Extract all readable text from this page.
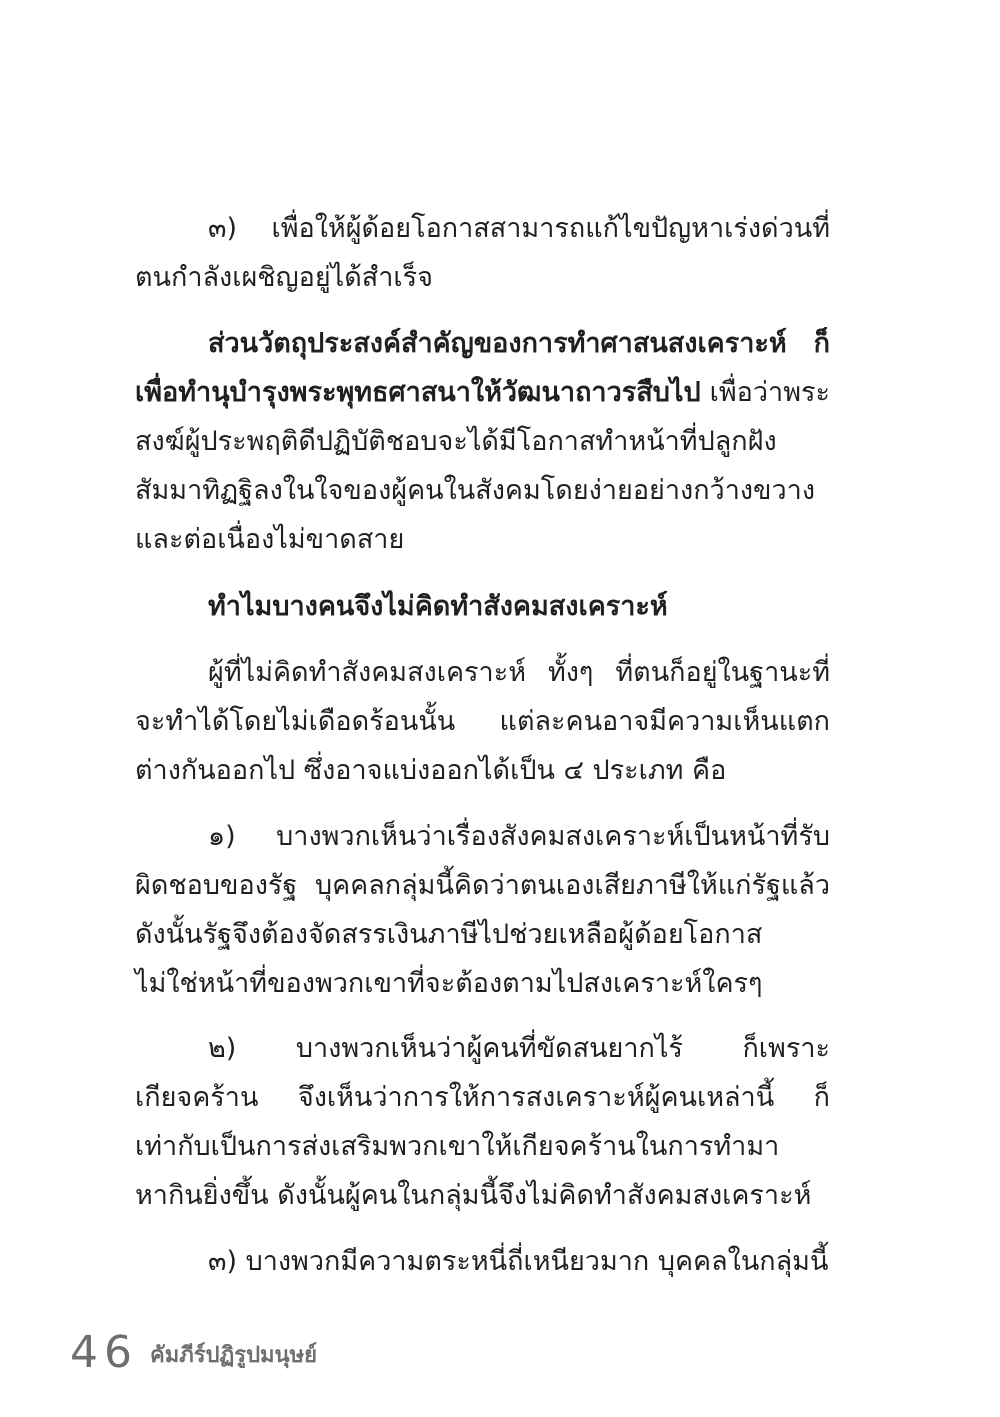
๓) เพื่อให้ผู้ด้อยโอกาสสามารถแก้ไขปัญหาเร่งด่วนที่ตนกำลังเผชิญอยู่ได้สำเร็จ
ส่วนวัตถุประสงค์สำคัญของการทำศาสนสงเคราะห์ ก็เพื่อทำนุบำรุงพระพุทธศาสนาให้วัฒนาถาวรสืบไป เพื่อว่าพระสงฆ์ผู้ประพฤติดีปฏิบัติชอบจะได้มีโอกาสทำหน้าที่ปลูกฝังสัมมาทิฏฐิลงในใจของผู้คนในสังคมโดยง่ายอย่างกว้างขวาง และต่อเนื่องไม่ขาดสาย
ทำไมบางคนจึงไม่คิดทำสังคมสงเคราะห์
ผู้ที่ไม่คิดทำสังคมสงเคราะห์ ทั้งๆ ที่ตนก็อยู่ในฐานะที่จะทำได้โดยไม่เดือดร้อนนั้น แต่ละคนอาจมีความเห็นแตกต่างกันออกไป ซึ่งอาจแบ่งออกได้เป็น ๔ ประเภท คือ
๑) บางพวกเห็นว่าเรื่องสังคมสงเคราะห์เป็นหน้าที่รับผิดชอบของรัฐ บุคคลกลุ่มนี้คิดว่าตนเองเสียภาษีให้แก่รัฐแล้ว ดังนั้นรัฐจึงต้องจัดสรรเงินภาษีไปช่วยเหลือผู้ด้อยโอกาส ไม่ใช่หน้าที่ของพวกเขาที่จะต้องตามไปสงเคราะห์ใครๆ
๒) บางพวกเห็นว่าผู้คนที่ขัดสนยากไร้ ก็เพราะเกียจคร้าน จึงเห็นว่าการให้การสงเคราะห์ผู้คนเหล่านี้ ก็เท่ากับเป็นการส่งเสริมพวกเขาให้เกียจคร้านในการทำมาหากินยิ่งขึ้น ดังนั้นผู้คนในกลุ่มนี้จึงไม่คิดทำสังคมสงเคราะห์
๓) บางพวกมีความตระหนี่ถี่เหนียวมาก บุคคลในกลุ่มนี้
46 คัมภีร์ปฏิรูปมนุษย์
